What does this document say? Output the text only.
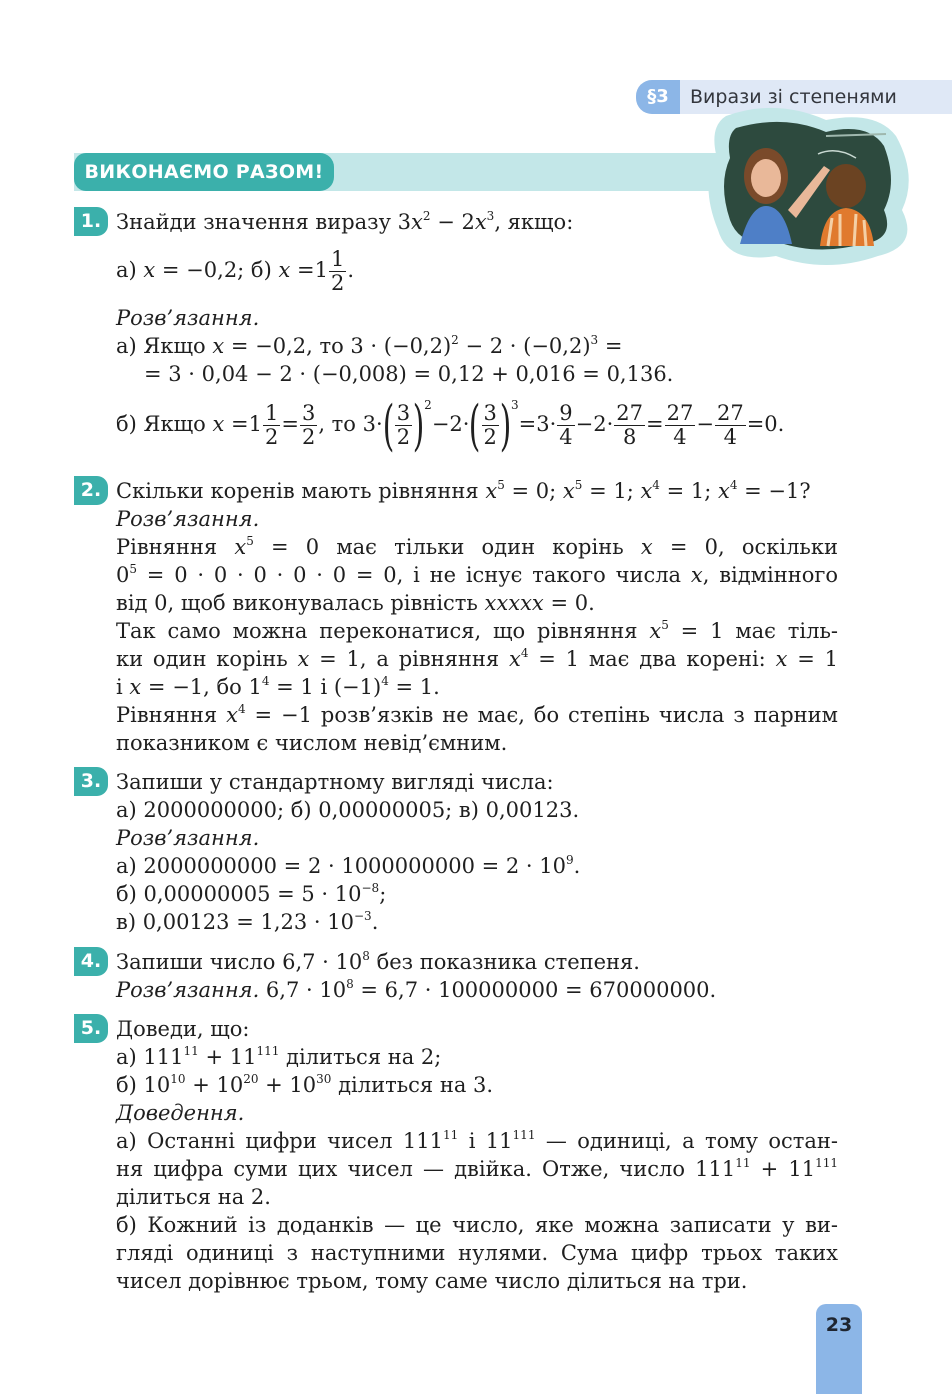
§3	Вирази зі степенями
ВИКОНАЄМО РАЗОМ!
1. Знайди значення виразу $3x^2 - 2x^3$, якщо:
а) x = −0,2; б) $x =1 \frac{1}{2}$ .
Розв’язання.
а) Якщо x = −0,2, то $3 \cdot (-0,2)^2 - 2 \cdot (-0,2)^3$ =
= 3 · 0,04 − 2 · (−0,008) = 0,12 + 0,016 = 0,136.
б) Якщо $x =1 \frac{1}{2} = \frac{3}{2}$ , то $3\cdot( \frac{3}{2} )^2-2\cdot( \frac{3}{2} )^3=3\cdot \frac{9}{4} -2\cdot \frac{27}{8} = \frac{27}{4} - \frac{27}{4} =0$.
2. Скільки коренів мають рівняння $x^5 = 0$; $x^5 = 1$; $x^4 = 1$; $x^4 = -1$?
Розв’язання.
Рівняння $x^5 = 0$ має тільки один корінь x = 0, оскільки
$0^5 = 0 \cdot 0 \cdot 0 \cdot 0 \cdot 0 = 0$, і не існує такого числа x, відмінного
від 0, щоб виконувалась рівність xxxxx = 0.
Так само можна переконатися, що рівняння $x^5 = 1$ має тіль-
ки один корінь x = 1, а рівняння $x^4 = 1$ має два корені: x = 1
і x = −1, бо $1^4 = 1$ і $(-1)^4 = 1$.
Рівняння $x^4 = -1$ розв’язків не має, бо степінь числа з парним
показником є числом невід’ємним.
3. Запиши у стандартному вигляді числа:
а) 2000000000; б) 0,00000005; в) 0,00123.
Розв’язання.
а) $2000000000 = 2 \cdot 1000000000 = 2 \cdot 10^9$.
б) $0,00000005 = 5 \cdot 10^{-8}$;
в) $0,00123 = 1,23 \cdot 10^{-3}$.
4. Запиши число $6,7 \cdot 10^8$ без показника степеня.
Розв’язання. $6,7 \cdot 10^8 = 6,7 \cdot 100000000 = 670000000$.
5. Доведи, що:
а) $111^{11} + 11^{111}$ ділиться на 2;
б) $10^{10} + 10^{20} + 10^{30}$ ділиться на 3.
Доведення.
а) Останні цифри чисел $111^{11}$ і $11^{111}$ — одиниці, а тому остан-
ня цифра суми цих чисел — двійка. Отже, число $111^{11} + 11^{111}$
ділиться на 2.
б) Кожний із доданків — це число, яке можна записати у ви-
гляді одиниці з наступними нулями. Сума цифр трьох таких
чисел дорівнює трьом, тому саме число ділиться на три.
23
